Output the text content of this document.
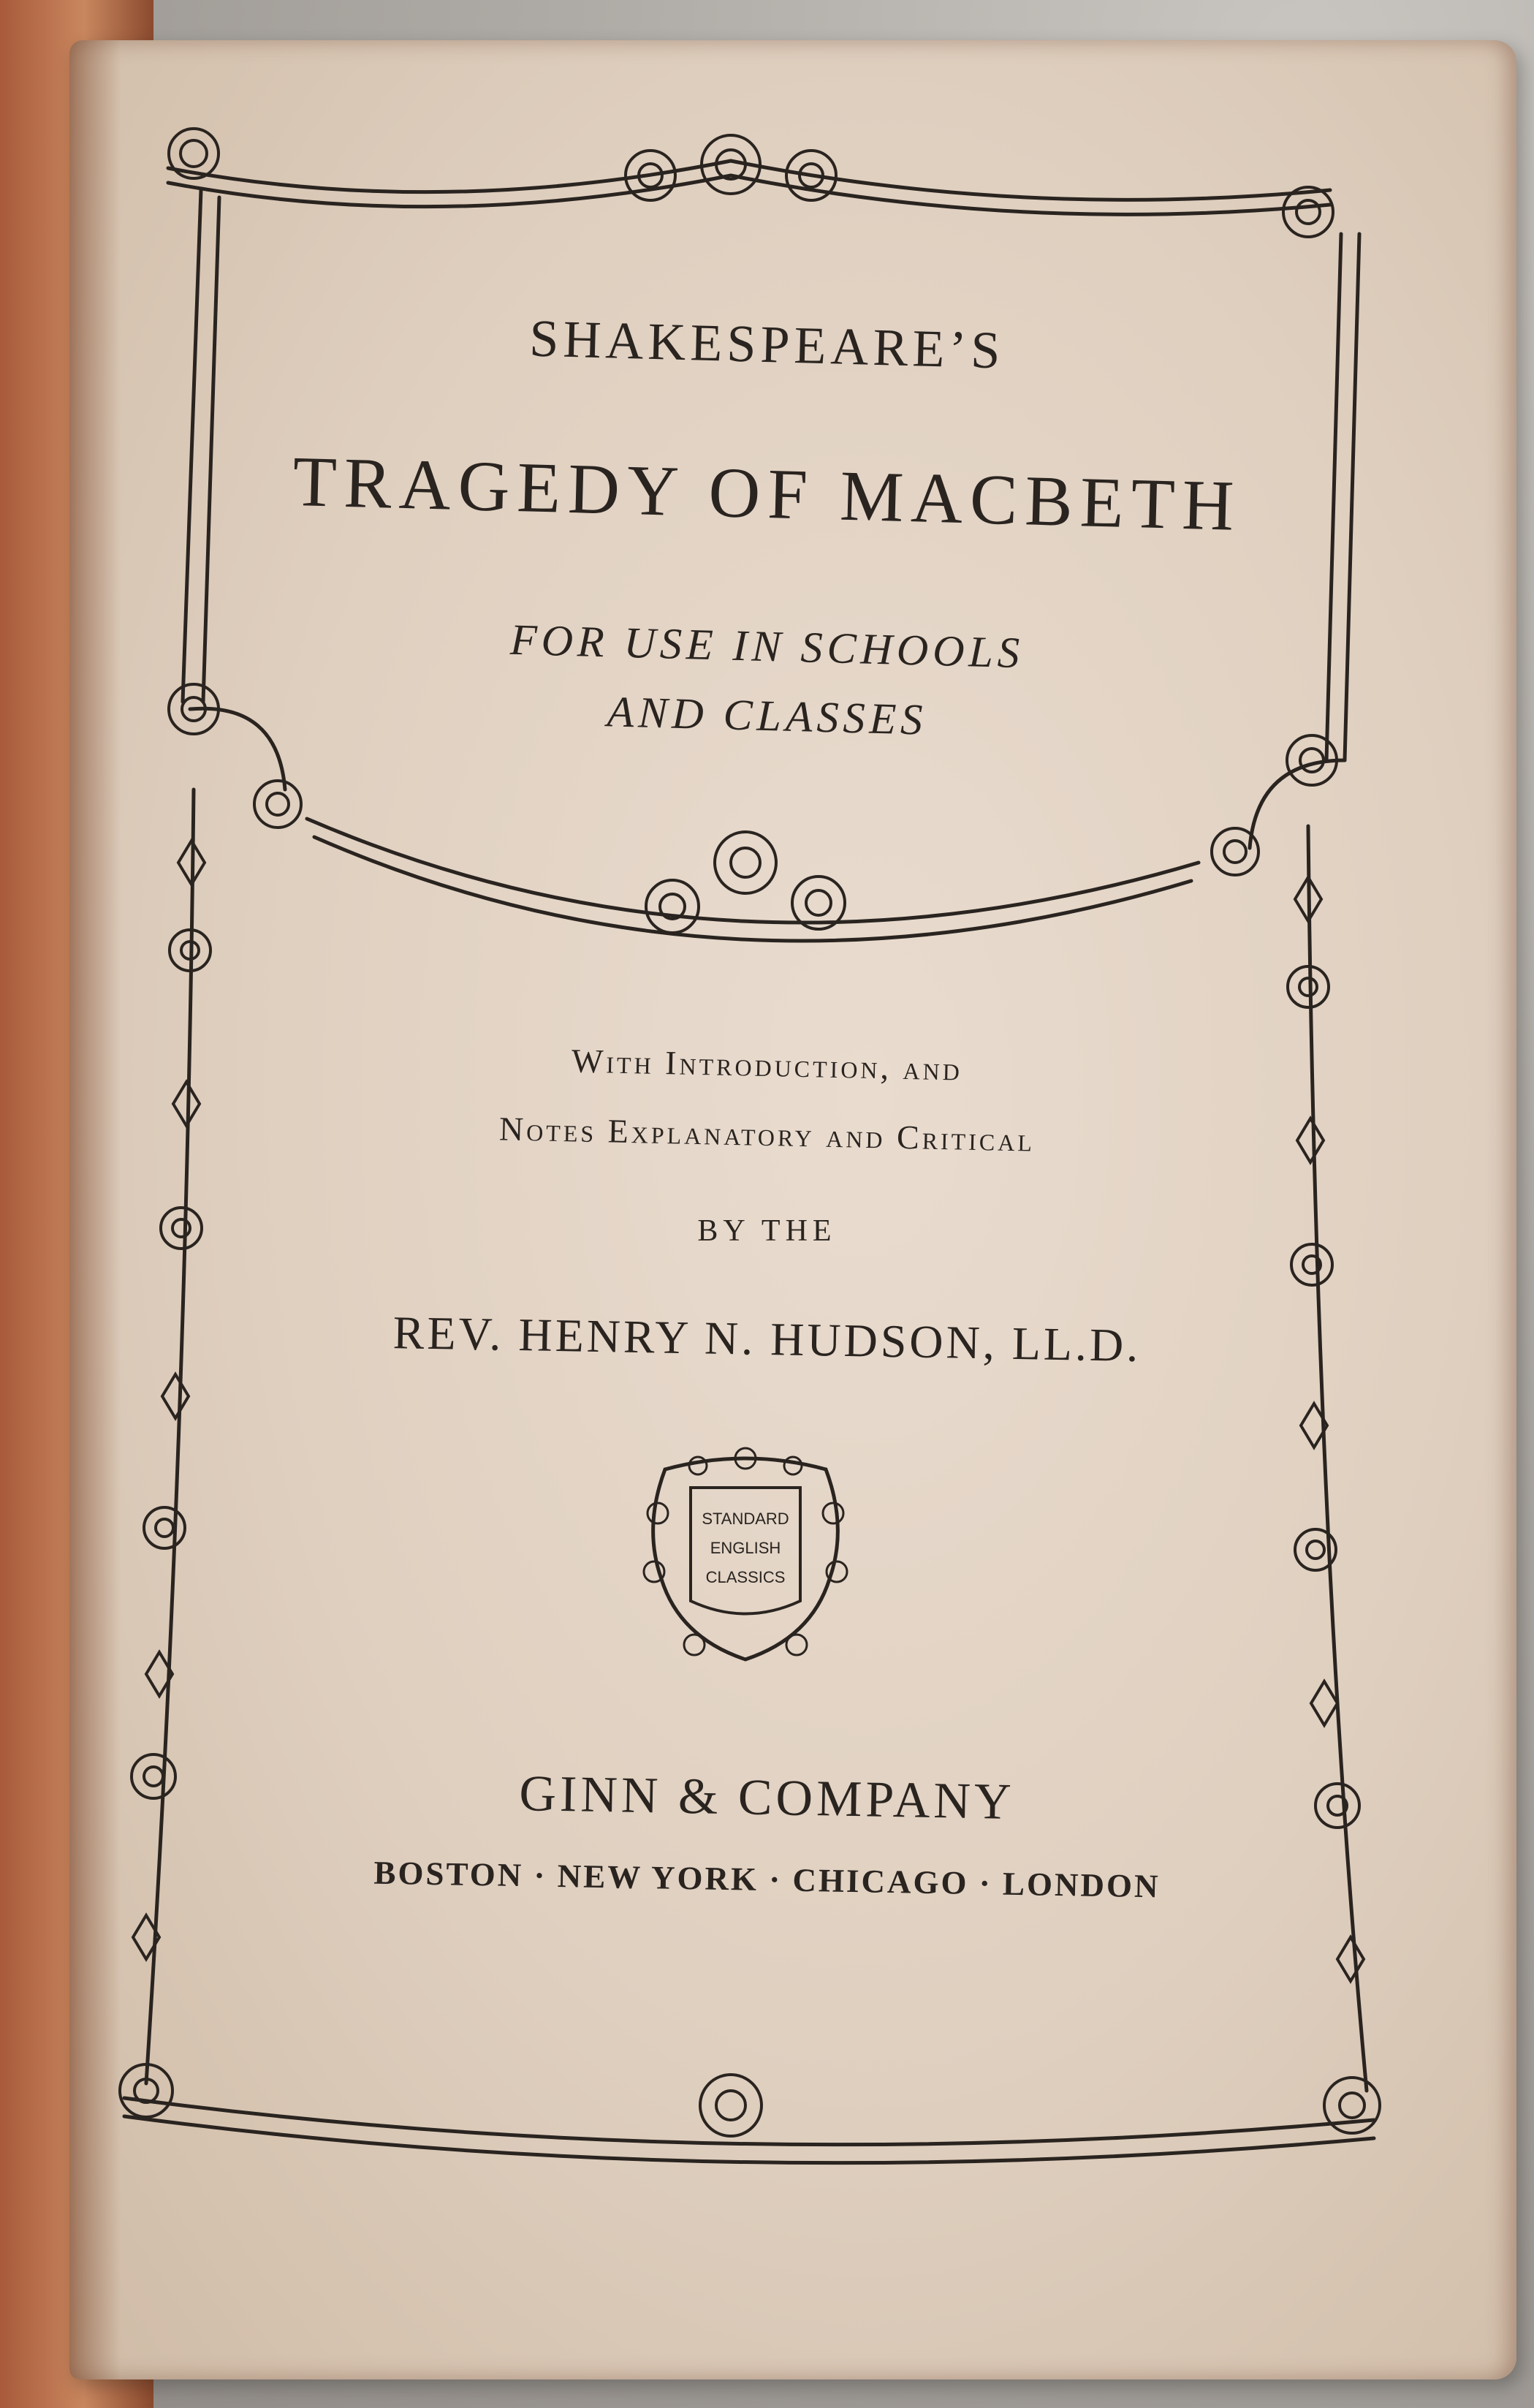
STANDARD
ENGLISH
CLASSICS

SHAKESPEARE’S

TRAGEDY OF MACBETH

FOR USE IN SCHOOLS

AND CLASSES

With Introduction, and

Notes Explanatory and Critical

BY THE

REV. HENRY N. HUDSON, LL.D.

GINN & COMPANY

BOSTON · NEW YORK · CHICAGO · LONDON
